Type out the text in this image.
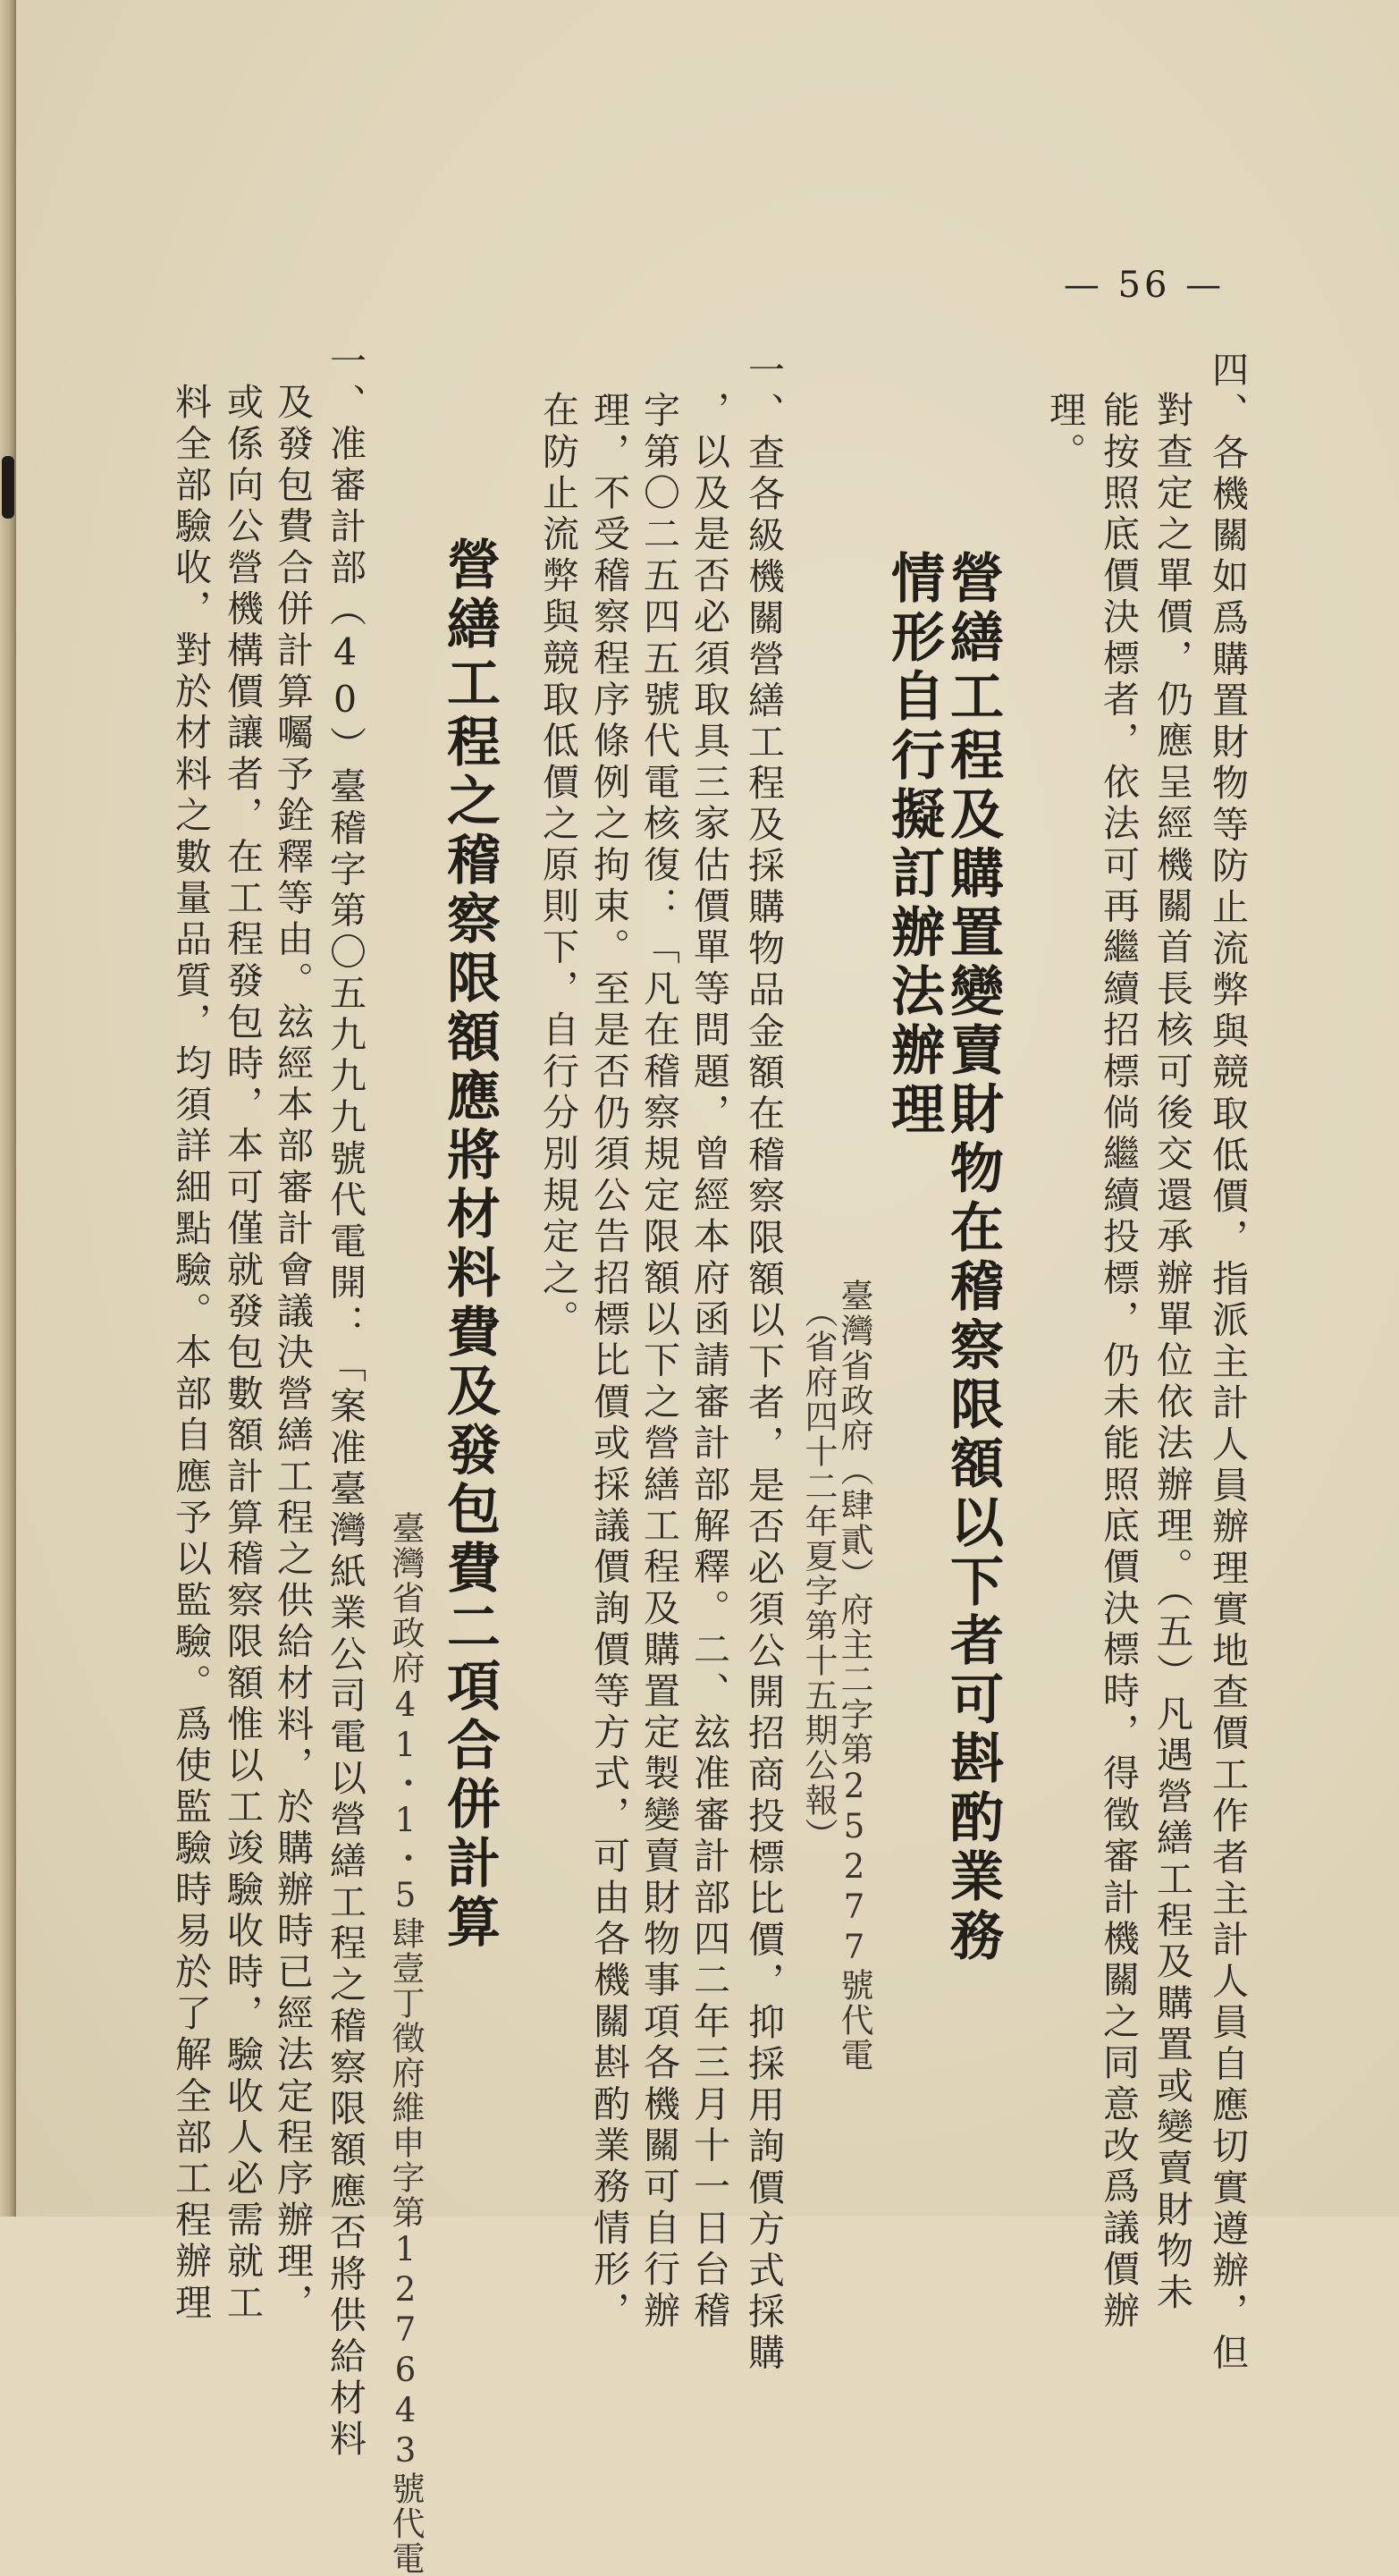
— 56 —
四、各機關如爲購置財物等防止流弊與競取低價，指派主計人員辦理實地查價工作者主計人員自應切實遵辦，但
對查定之單價，仍應呈經機關首長核可後交還承辦單位依法辦理。（五）凡遇營繕工程及購置或變賣財物未
能按照底價決標者，依法可再繼續招標倘繼續投標，仍未能照底價決標時，得徵審計機關之同意改爲議價辦
理。
營繕工程及購置變賣財物在稽察限額以下者可斟酌業務
情形自行擬訂辦法辦理
臺灣省政府（肆貳）府主二字第25277號代電
（省府四十二年夏字第十五期公報）
一、查各級機關營繕工程及採購物品金額在稽察限額以下者，是否必須公開招商投標比價，抑採用詢價方式採購
，以及是否必須取具三家估價單等問題，曾經本府函請審計部解釋。二、玆准審計部四二年三月十一日台稽
字第〇二五四五號代電核復：「凡在稽察規定限額以下之營繕工程及購置定製變賣財物事項各機關可自行辦
理，不受稽察程序條例之拘束。至是否仍須公告招標比價或採議價詢價等方式，可由各機關斟酌業務情形，
在防止流弊與競取低價之原則下，自行分別規定之。
營繕工程之稽察限額應將材料費及發包費二項合併計算
臺灣省政府41・1・5肆壹丁徵府維申字第127643號代電
一、准審計部（40）臺稽字第〇五九九九號代電開：「案准臺灣紙業公司電以營繕工程之稽察限額應否將供給材料
及發包費合併計算囑予銓釋等由。玆經本部審計會議決營繕工程之供給材料，於購辦時已經法定程序辦理，
或係向公營機構價讓者，在工程發包時，本可僅就發包數額計算稽察限額惟以工竣驗收時，驗收人必需就工
料全部驗收，對於材料之數量品質，均須詳細點驗。本部自應予以監驗。爲使監驗時易於了解全部工程辦理
